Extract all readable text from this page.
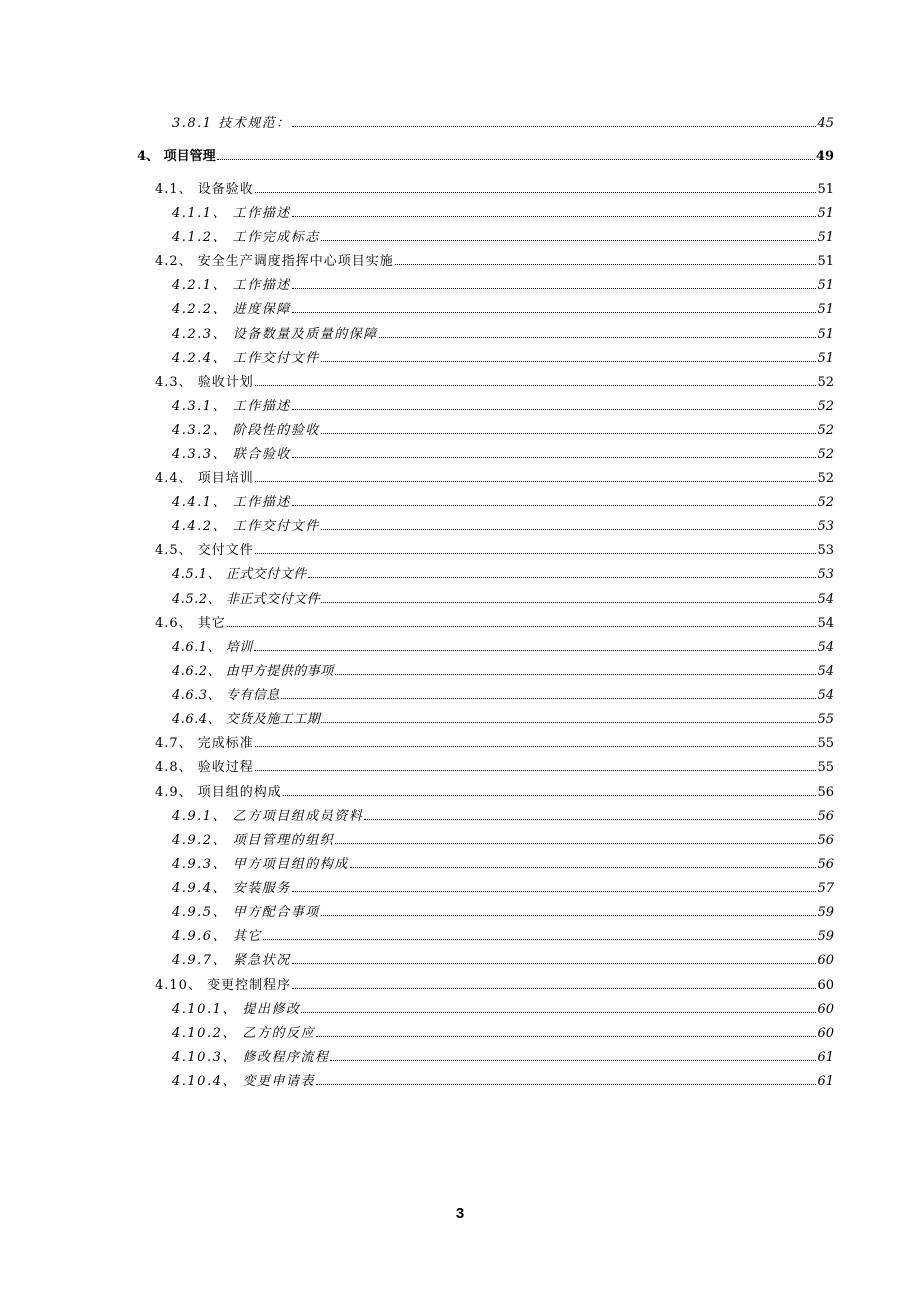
3.8.1 技术规范：	45
4、 项目管理	49
4.1、 设备验收	51
4.1.1、 工作描述	51
4.1.2、 工作完成标志	51
4.2、 安全生产调度指挥中心项目实施	51
4.2.1、 工作描述	51
4.2.2、 进度保障	51
4.2.3、 设备数量及质量的保障	51
4.2.4、 工作交付文件	51
4.3、 验收计划	52
4.3.1、 工作描述	52
4.3.2、 阶段性的验收	52
4.3.3、 联合验收	52
4.4、 项目培训	52
4.4.1、 工作描述	52
4.4.2、 工作交付文件	53
4.5、 交付文件	53
4.5.1、 正式交付文件	53
4.5.2、 非正式交付文件	54
4.6、 其它	54
4.6.1、 培训	54
4.6.2、 由甲方提供的事项	54
4.6.3、 专有信息	54
4.6.4、 交货及施工工期	55
4.7、 完成标准	55
4.8、 验收过程	55
4.9、 项目组的构成	56
4.9.1、 乙方项目组成员资料	56
4.9.2、 项目管理的组织	56
4.9.3、 甲方项目组的构成	56
4.9.4、 安装服务	57
4.9.5、 甲方配合事项	59
4.9.6、 其它	59
4.9.7、 紧急状况	60
4.10、 变更控制程序	60
4.10.1、 提出修改	60
4.10.2、 乙方的反应	60
4.10.3、 修改程序流程	61
4.10.4、 变更申请表	61
3
